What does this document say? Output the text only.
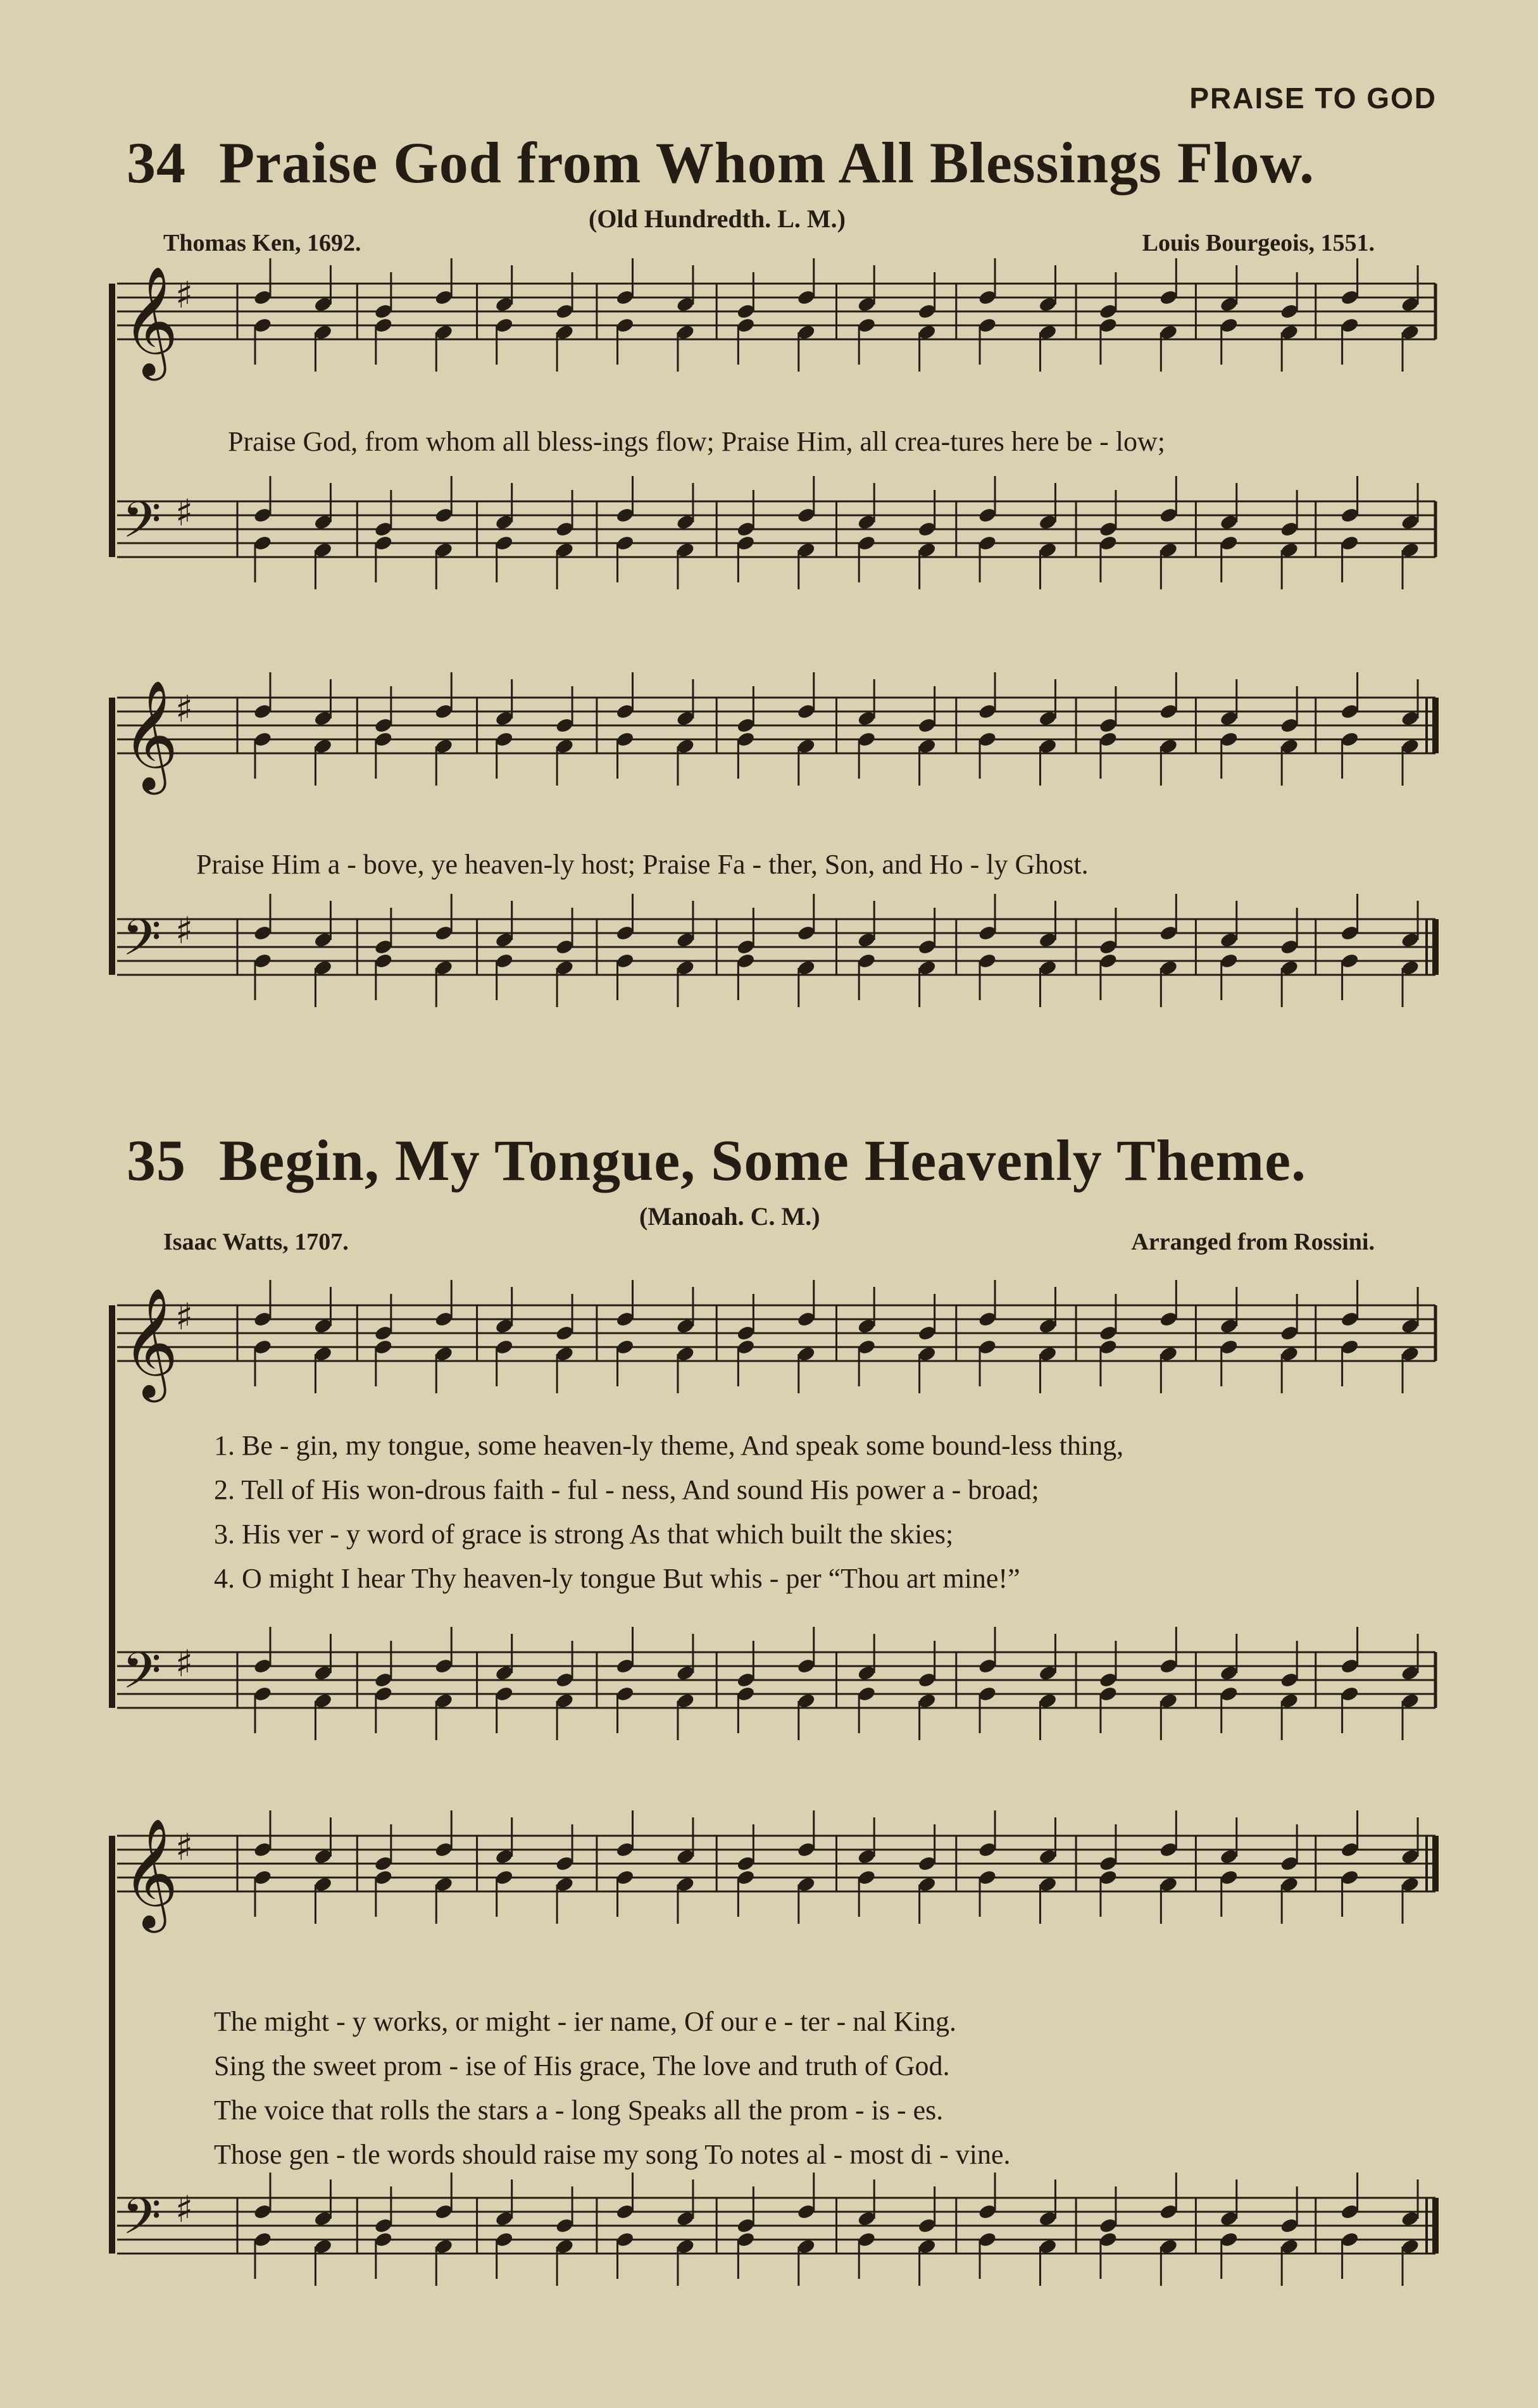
PRAISE TO GOD
34 Praise God from Whom All Blessings Flow.
(Old Hundredth. L. M.)
Thomas Ken, 1692.	Louis Bourgeois, 1551.
𝄞
♯
𝄢 ♯
Praise God, from whom all bless-ings flow; Praise Him, all crea-tures here be - low;
𝄞
♯
𝄢 ♯
Praise Him a - bove, ye heaven-ly host; Praise Fa - ther, Son, and Ho - ly Ghost.
35 Begin, My Tongue, Some Heavenly Theme.
(Manoah. C. M.)
Isaac Watts, 1707.	Arranged from Rossini.
𝄞
♯
𝄢 ♯
1. Be - gin, my tongue, some heaven-ly theme, And speak some bound-less thing,
2. Tell of His won-drous faith - ful - ness, And sound His power a - broad;
3. His ver - y word of grace is strong As that which built the skies;
4. O might I hear Thy heaven-ly tongue But whis - per “Thou art mine!”
𝄞
♯
𝄢 ♯
The might - y works, or might - ier name, Of our e - ter - nal King.
Sing the sweet prom - ise of His grace, The love and truth of God.
The voice that rolls the stars a - long Speaks all the prom - is - es.
Those gen - tle words should raise my song To notes al - most di - vine.
